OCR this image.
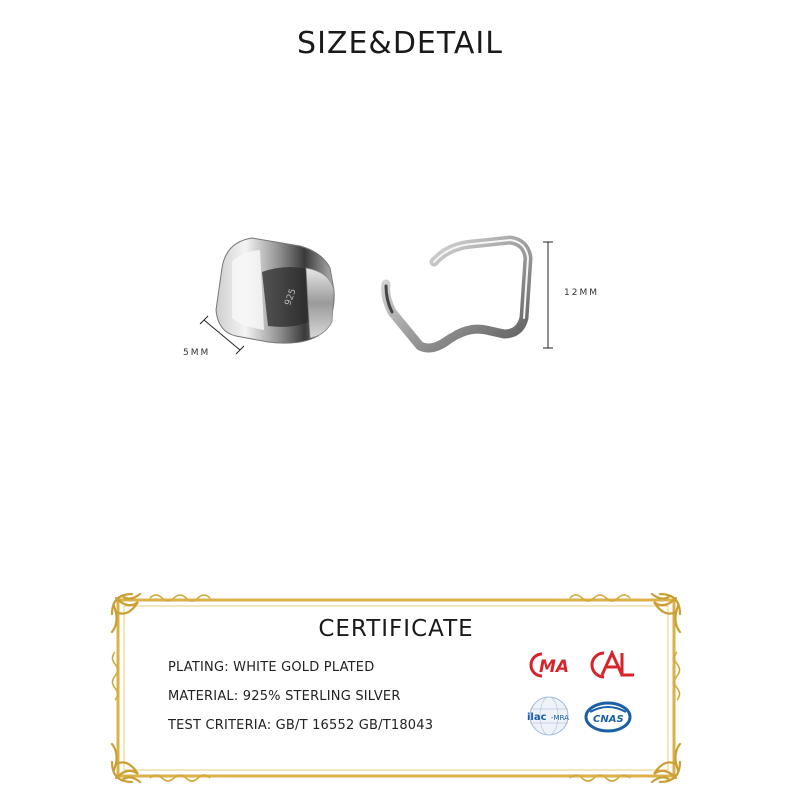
SIZE&DETAIL
925
5MM
12MM
CERTIFICATE
PLATING: WHITE GOLD PLATED
MATERIAL: 925% STERLING SILVER
TEST CRITERIA: GB/T 16552 GB/T18043
MA
ilac -MRA CNAS
